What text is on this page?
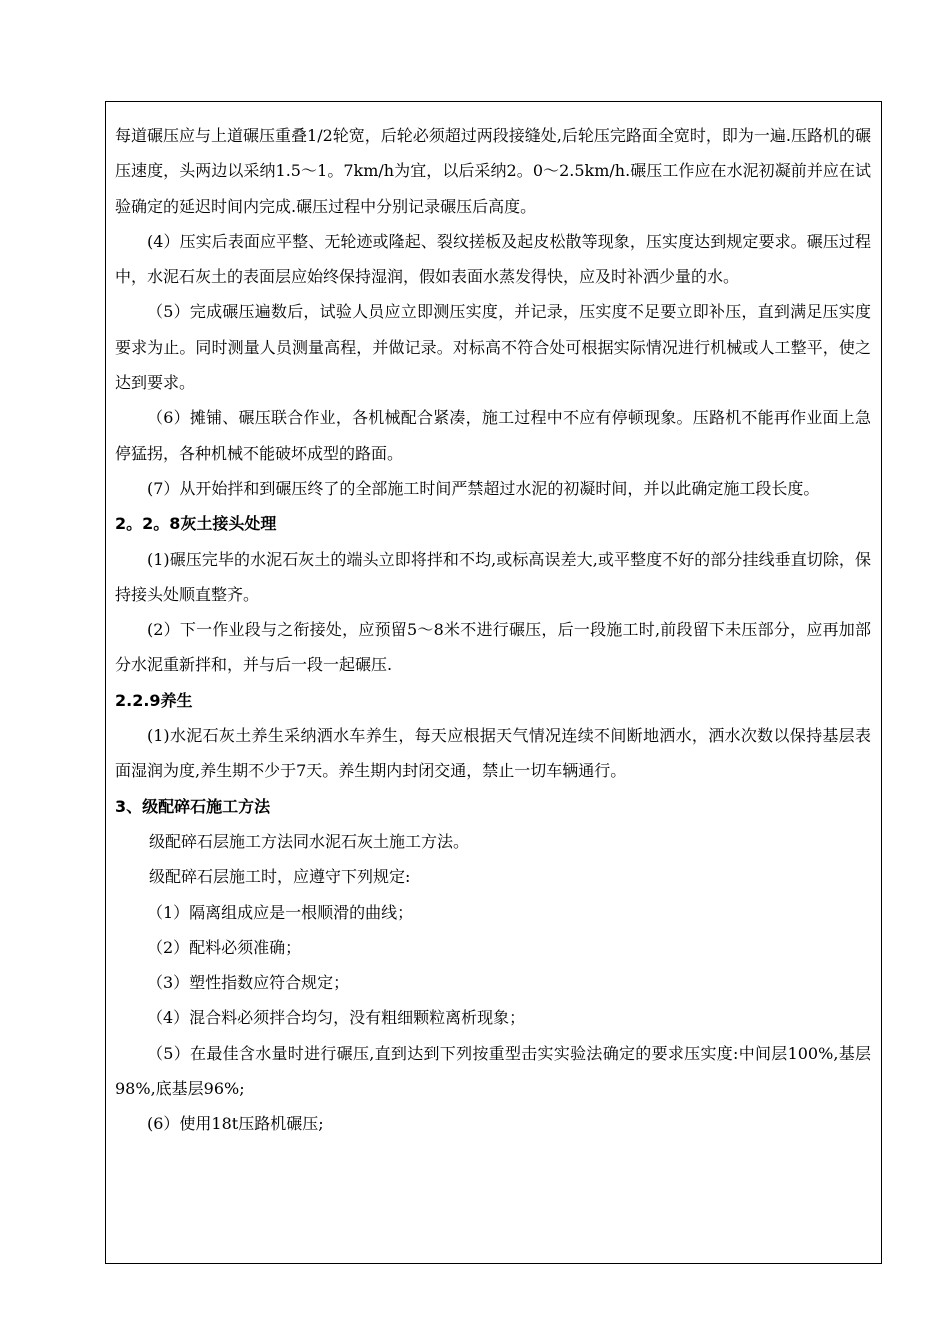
每道碾压应与上道碾压重叠1/2轮宽，后轮必须超过两段接缝处,后轮压完路面全宽时，即为一遍.压路机的碾压速度，头两边以采纳1.5～1。7km/h为宜，以后采纳2。0～2.5km/h.碾压工作应在水泥初凝前并应在试验确定的延迟时间内完成.碾压过程中分别记录碾压后高度。

(4）压实后表面应平整、无轮迹或隆起、裂纹搓板及起皮松散等现象，压实度达到规定要求。碾压过程中，水泥石灰土的表面层应始终保持湿润，假如表面水蒸发得快，应及时补洒少量的水。

（5）完成碾压遍数后，试验人员应立即测压实度，并记录，压实度不足要立即补压，直到满足压实度要求为止。同时测量人员测量高程，并做记录。对标高不符合处可根据实际情况进行机械或人工整平，使之达到要求。

（6）摊铺、碾压联合作业，各机械配合紧凑，施工过程中不应有停顿现象。压路机不能再作业面上急停猛拐，各种机械不能破坏成型的路面。

(7）从开始拌和到碾压终了的全部施工时间严禁超过水泥的初凝时间，并以此确定施工段长度。

2。2。8灰土接头处理

(1)碾压完毕的水泥石灰土的端头立即将拌和不均,或标高误差大,或平整度不好的部分挂线垂直切除，保持接头处顺直整齐。

(2）下一作业段与之衔接处，应预留5～8米不进行碾压，后一段施工时,前段留下未压部分，应再加部分水泥重新拌和，并与后一段一起碾压.

2.2.9养生

(1)水泥石灰土养生采纳洒水车养生，每天应根据天气情况连续不间断地洒水，洒水次数以保持基层表面湿润为度,养生期不少于7天。养生期内封闭交通，禁止一切车辆通行。

3、级配碎石施工方法

级配碎石层施工方法同水泥石灰土施工方法。

级配碎石层施工时，应遵守下列规定:

（1）隔离组成应是一根顺滑的曲线；

（2）配料必须准确；

（3）塑性指数应符合规定；

（4）混合料必须拌合均匀，没有粗细颗粒离析现象；

（5）在最佳含水量时进行碾压,直到达到下列按重型击实实验法确定的要求压实度:中间层100%,基层98%,底基层96%;

(6）使用18t压路机碾压;
